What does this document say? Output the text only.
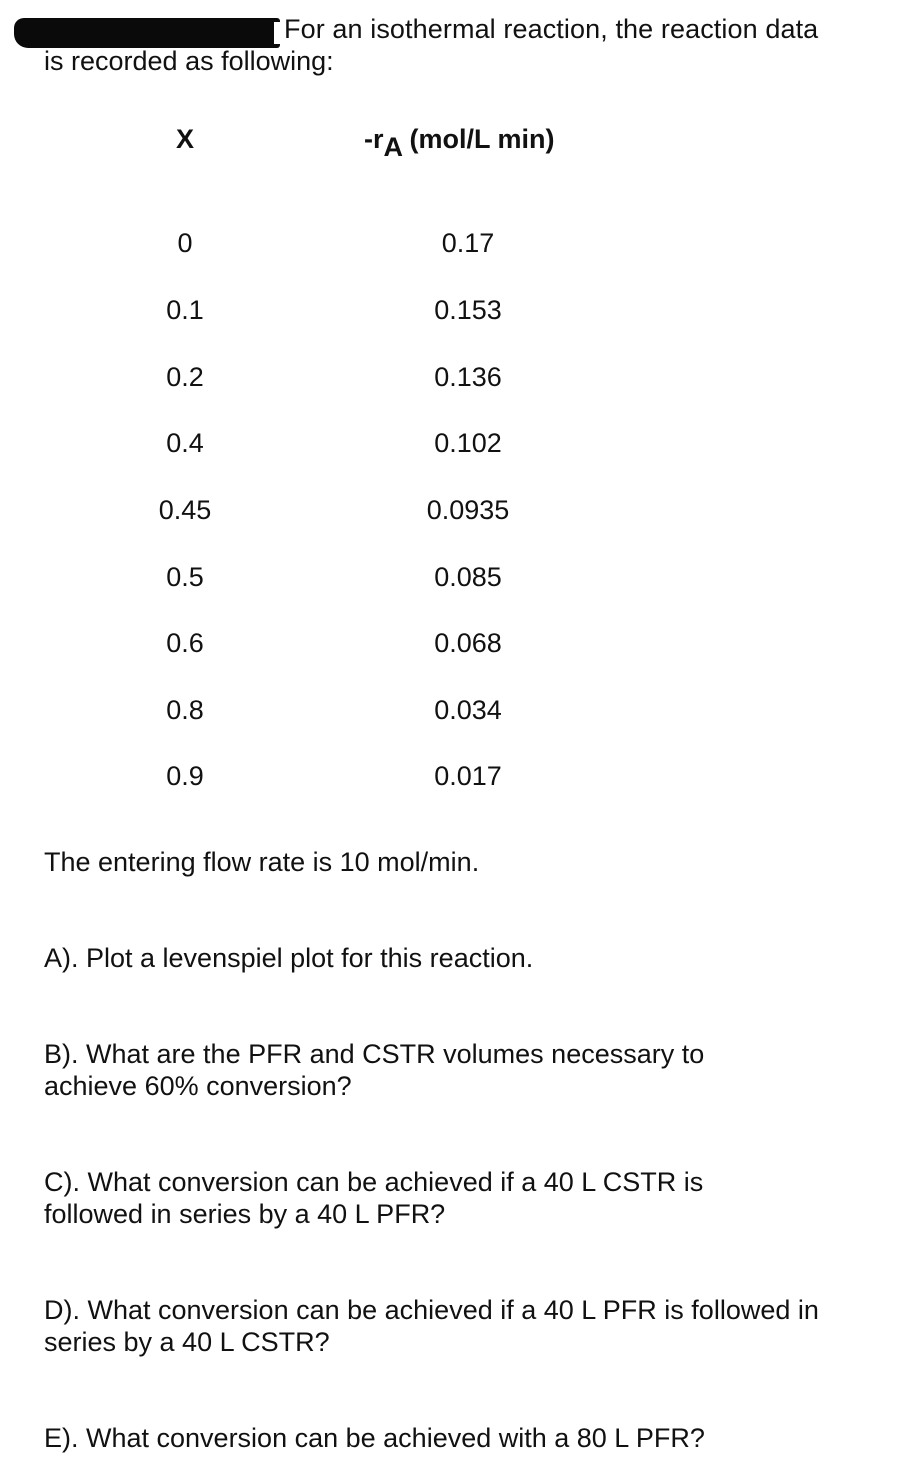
For an isothermal reaction, the reaction data
is recorded as following:
X	-rA (mol/L min)
0	0.17
0.1	0.153
0.2	0.136
0.4	0.102
0.45	0.0935
0.5	0.085
0.6	0.068
0.8	0.034
0.9	0.017
The entering flow rate is 10 mol/min.
A). Plot a levenspiel plot for this reaction.
B). What are the PFR and CSTR volumes necessary to achieve 60% conversion?
C). What conversion can be achieved if a 40 L CSTR is followed in series by a 40 L PFR?
D). What conversion can be achieved if a 40 L PFR is followed in series by a 40 L CSTR?
E). What conversion can be achieved with a 80 L PFR?
